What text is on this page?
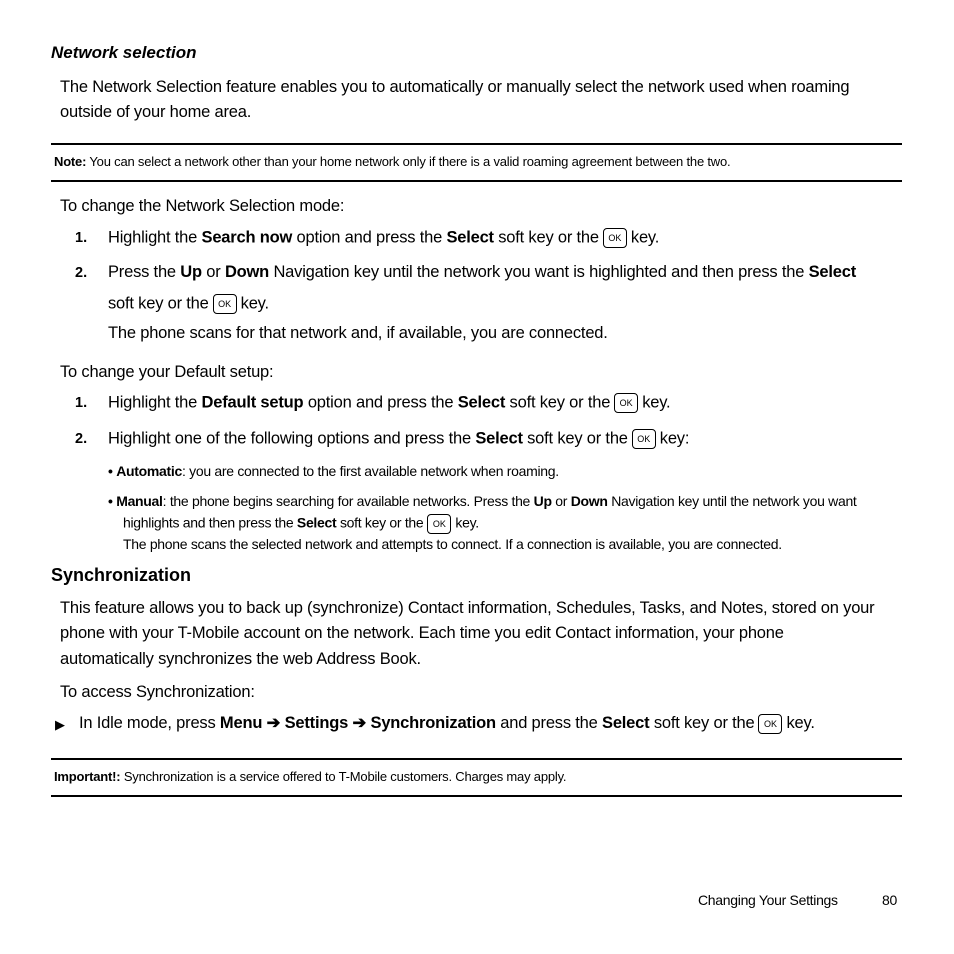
Network selection
The Network Selection feature enables you to automatically or manually select the network used when roaming
outside of your home area.
Note: You can select a network other than your home network only if there is a valid roaming agreement between the two.
To change the Network Selection mode:
1. Highlight the Search now option and press the Select soft key or the OK key.
2. Press the Up or Down Navigation key until the network you want is highlighted and then press the Select
soft key or the OK key.
The phone scans for that network and, if available, you are connected.
To change your Default setup:
1. Highlight the Default setup option and press the Select soft key or the OK key.
2. Highlight one of the following options and press the Select soft key or the OK key:
• Automatic: you are connected to the first available network when roaming.
• Manual: the phone begins searching for available networks. Press the Up or Down Navigation key until the network you want
highlights and then press the Select soft key or the OK key.
The phone scans the selected network and attempts to connect. If a connection is available, you are connected.
Synchronization
This feature allows you to back up (synchronize) Contact information, Schedules, Tasks, and Notes, stored on your
phone with your T-Mobile account on the network. Each time you edit Contact information, your phone
automatically synchronizes the web Address Book.
To access Synchronization:
▶ In Idle mode, press Menu ➔ Settings ➔ Synchronization and press the Select soft key or the OK key.
Important!: Synchronization is a service offered to T-Mobile customers. Charges may apply.
Changing Your Settings	80
